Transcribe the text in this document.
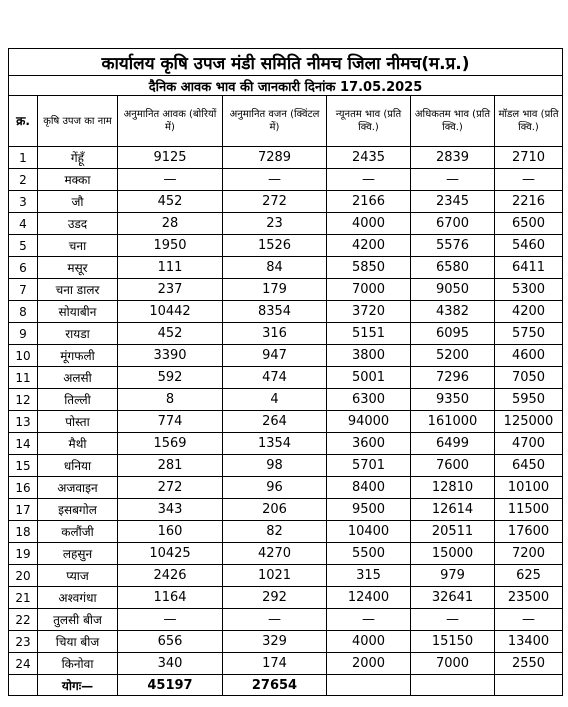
कार्यालय कृषि उपज मंडी समिति नीमच जिला नीमच(म.प्र.)						
दैनिक आवक भाव की जानकारी दिनांक 17.05.2025						
क्र.	कृषि उपज का नाम	अनुमानित आवक (बोरियों में)	अनुमानित वजन (क्विंटल में)	न्यूनतम भाव (प्रति क्वि.)	अधिकतम भाव (प्रति क्वि.)	मॉडल भाव (प्रति क्वि.)
1	गेंहूँ	9125	7289	2435	2839	2710
2	मक्का	—	—	—	—	—
3	जौ	452	272	2166	2345	2216
4	उडद	28	23	4000	6700	6500
5	चना	1950	1526	4200	5576	5460
6	मसूर	111	84	5850	6580	6411
7	चना डालर	237	179	7000	9050	5300
8	सोयाबीन	10442	8354	3720	4382	4200
9	रायडा	452	316	5151	6095	5750
10	मूंगफली	3390	947	3800	5200	4600
11	अलसी	592	474	5001	7296	7050
12	तिल्ली	8	4	6300	9350	5950
13	पोस्ता	774	264	94000	161000	125000
14	मैथी	1569	1354	3600	6499	4700
15	धनिया	281	98	5701	7600	6450
16	अजवाइन	272	96	8400	12810	10100
17	इसबगोल	343	206	9500	12614	11500
18	कलौंजी	160	82	10400	20511	17600
19	लहसुन	10425	4270	5500	15000	7200
20	प्याज	2426	1021	315	979	625
21	अश्वगंधा	1164	292	12400	32641	23500
22	तुलसी बीज	—	—	—	—	—
23	चिया बीज	656	329	4000	15150	13400
24	किनोवा	340	174	2000	7000	2550
	योगः—	45197	27654			
